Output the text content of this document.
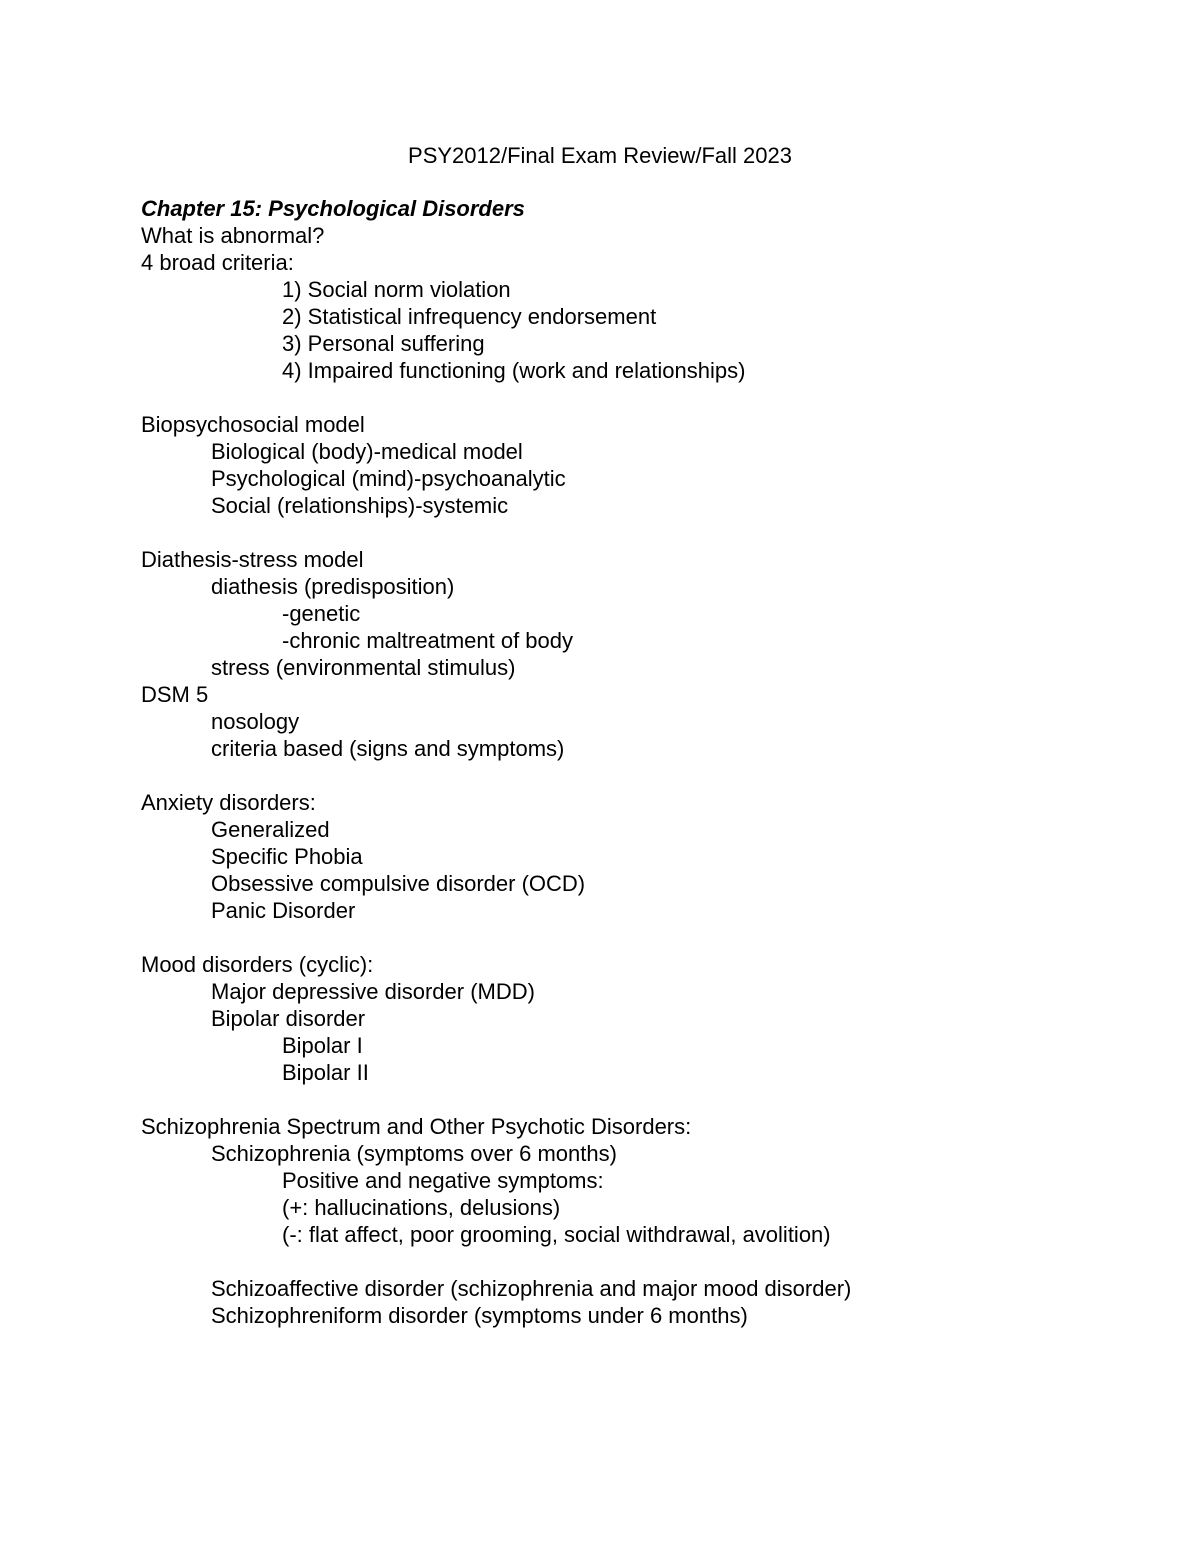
PSY2012/Final Exam Review/Fall 2023
Chapter 15: Psychological Disorders
What is abnormal?
4 broad criteria:
1) Social norm violation
2) Statistical infrequency endorsement
3) Personal suffering
4) Impaired functioning (work and relationships)
Biopsychosocial model
Biological (body)-medical model
Psychological (mind)-psychoanalytic
Social (relationships)-systemic
Diathesis-stress model
diathesis (predisposition)
-genetic
-chronic maltreatment of body
stress (environmental stimulus)
DSM 5
nosology
criteria based (signs and symptoms)
Anxiety disorders:
Generalized
Specific Phobia
Obsessive compulsive disorder (OCD)
Panic Disorder
Mood disorders (cyclic):
Major depressive disorder (MDD)
Bipolar disorder
Bipolar I
Bipolar II
Schizophrenia Spectrum and Other Psychotic Disorders:
Schizophrenia (symptoms over 6 months)
Positive and negative symptoms:
(+: hallucinations, delusions)
(-: flat affect, poor grooming, social withdrawal, avolition)
Schizoaffective disorder (schizophrenia and major mood disorder)
Schizophreniform disorder (symptoms under 6 months)
